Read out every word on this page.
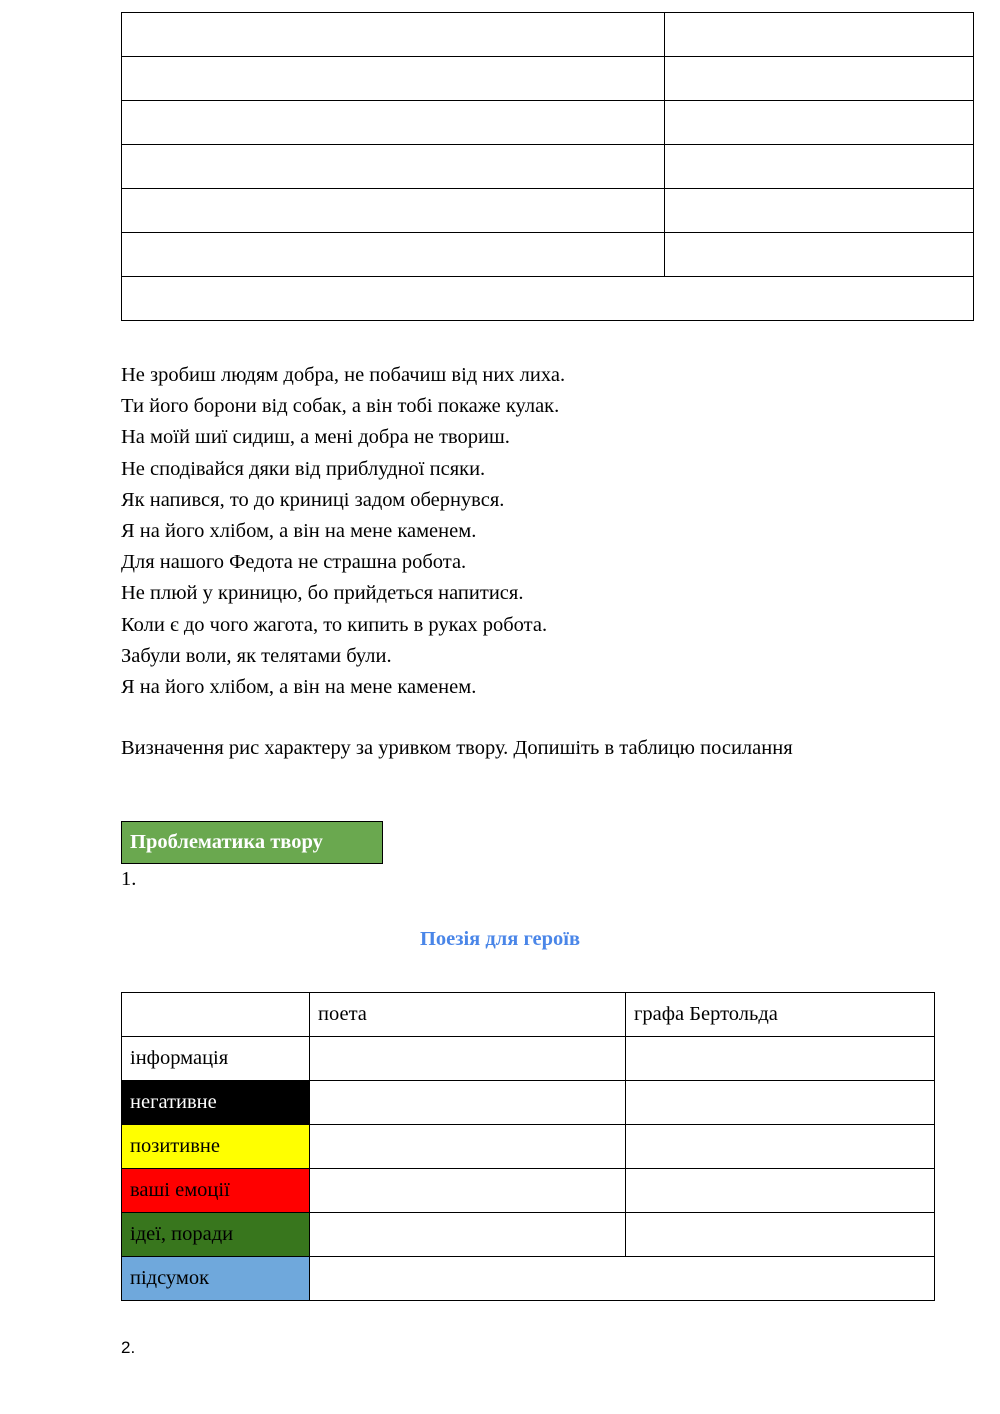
Не зробиш людям добра, не побачиш від них лиха.
Ти його борони від собак, а він тобі покаже кулак.
На моїй шиї сидиш, а мені добра не твориш.
Не сподівайся дяки від приблудної пcяки.
Як напився, то до криниці задом обернувся.
Я на його хлібом, а він на мене каменем.
Для нашого Федота не страшна робота.
Не плюй у криницю, бо прийдеться напитися.
Коли є до чого жагота, то кипить в руках робота.
Забули воли, як телятами були.
Я на його хлібом, а він на мене каменем.

Визначення рис характеру за уривком твору. Допишіть в таблицю посилання

Проблематика твору

1.

Поезія для героїв

	поета	графа Бертольда
інформація		
негативне		
позитивне		
ваші емоції		
ідеї, поради		
підсумок		

2.
